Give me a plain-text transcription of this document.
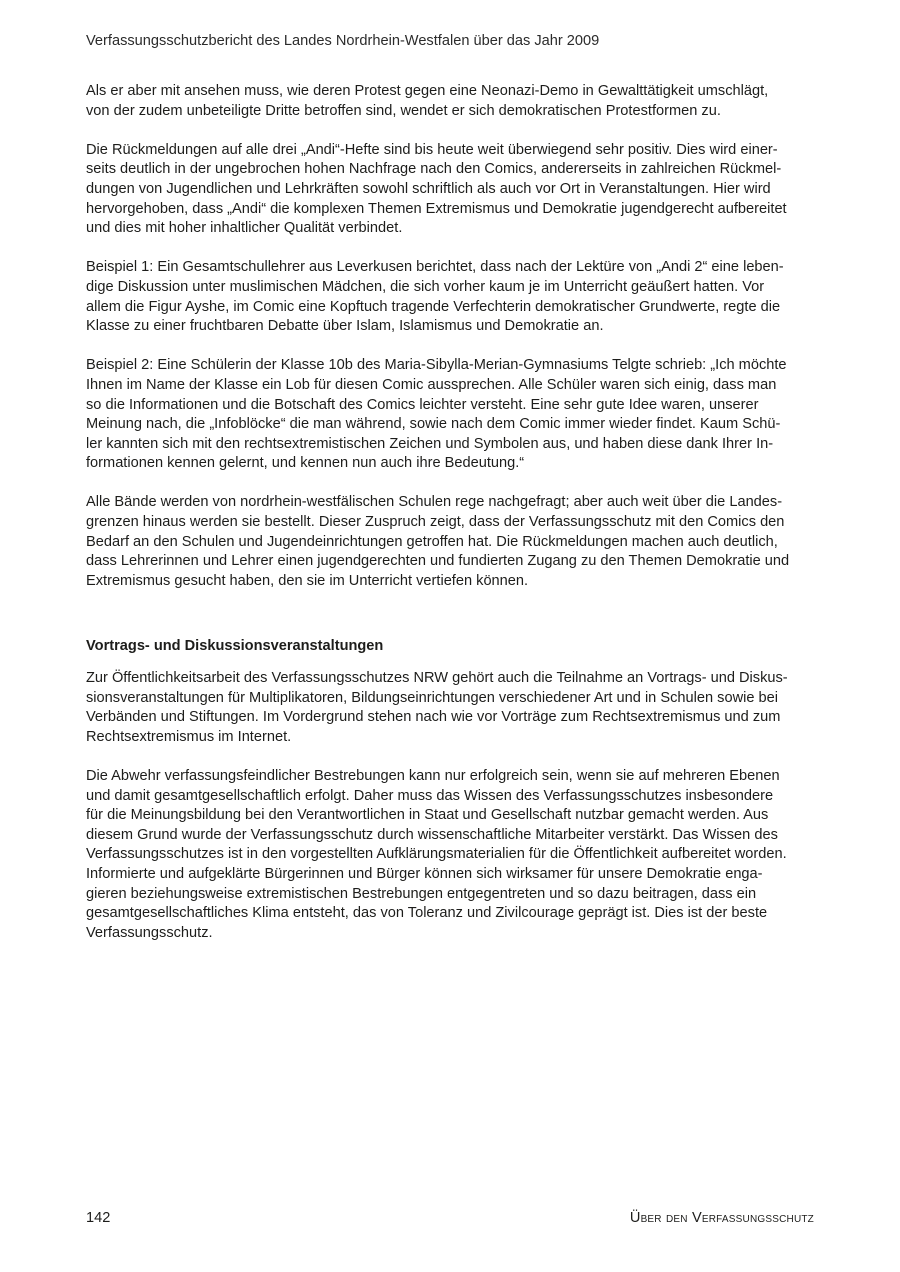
Verfassungsschutzbericht des Landes Nordrhein-Westfalen über das Jahr 2009

Als er aber mit ansehen muss, wie deren Protest gegen eine Neonazi-Demo in Gewalttätigkeit umschlägt,
von der zudem unbeteiligte Dritte betroffen sind, wendet er sich demokratischen Protestformen zu.

Die Rückmeldungen auf alle drei „Andi“-Hefte sind bis heute weit überwiegend sehr positiv. Dies wird einer-
seits deutlich in der ungebrochen hohen Nachfrage nach den Comics, andererseits in zahlreichen Rückmel-
dungen von Jugendlichen und Lehrkräften sowohl schriftlich als auch vor Ort in Veranstaltungen. Hier wird
hervorgehoben, dass „Andi“ die komplexen Themen Extremismus und Demokratie jugendgerecht aufbereitet
und dies mit hoher inhaltlicher Qualität verbindet.

Beispiel 1: Ein Gesamtschullehrer aus Leverkusen berichtet, dass nach der Lektüre von „Andi 2“ eine leben-
dige Diskussion unter muslimischen Mädchen, die sich vorher kaum je im Unterricht geäußert hatten. Vor
allem die Figur Ayshe, im Comic eine Kopftuch tragende Verfechterin demokratischer Grundwerte, regte die
Klasse zu einer fruchtbaren Debatte über Islam, Islamismus und Demokratie an.

Beispiel 2: Eine Schülerin der Klasse 10b des Maria-Sibylla-Merian-Gymnasiums Telgte schrieb: „Ich möchte
Ihnen im Name der Klasse ein Lob für diesen Comic aussprechen. Alle Schüler waren sich einig, dass man
so die Informationen und die Botschaft des Comics leichter versteht. Eine sehr gute Idee waren, unserer
Meinung nach, die „Infoblöcke“ die man während, sowie nach dem Comic immer wieder findet. Kaum Schü-
ler kannten sich mit den rechtsextremistischen Zeichen und Symbolen aus, und haben diese dank Ihrer In-
formationen kennen gelernt, und kennen nun auch ihre Bedeutung.“

Alle Bände werden von nordrhein-westfälischen Schulen rege nachgefragt; aber auch weit über die Landes-
grenzen hinaus werden sie bestellt. Dieser Zuspruch zeigt, dass der Verfassungsschutz mit den Comics den
Bedarf an den Schulen und Jugendeinrichtungen getroffen hat. Die Rückmeldungen machen auch deutlich,
dass Lehrerinnen und Lehrer einen jugendgerechten und fundierten Zugang zu den Themen Demokratie und
Extremismus gesucht haben, den sie im Unterricht vertiefen können.

Vortrags- und Diskussionsveranstaltungen

Zur Öffentlichkeitsarbeit des Verfassungsschutzes NRW gehört auch die Teilnahme an Vortrags- und Diskus-
sionsveranstaltungen für Multiplikatoren, Bildungseinrichtungen verschiedener Art und in Schulen sowie bei
Verbänden und Stiftungen. Im Vordergrund stehen nach wie vor Vorträge zum Rechtsextremismus und zum
Rechtsextremismus im Internet.

Die Abwehr verfassungsfeindlicher Bestrebungen kann nur erfolgreich sein, wenn sie auf mehreren Ebenen
und damit gesamtgesellschaftlich erfolgt. Daher muss das Wissen des Verfassungsschutzes insbesondere
für die Meinungsbildung bei den Verantwortlichen in Staat und Gesellschaft nutzbar gemacht werden. Aus
diesem Grund wurde der Verfassungsschutz durch wissenschaftliche Mitarbeiter verstärkt. Das Wissen des
Verfassungsschutzes ist in den vorgestellten Aufklärungsmaterialien für die Öffentlichkeit aufbereitet worden.
Informierte und aufgeklärte Bürgerinnen und Bürger können sich wirksamer für unsere Demokratie enga-
gieren beziehungsweise extremistischen Bestrebungen entgegentreten und so dazu beitragen, dass ein
gesamtgesellschaftliches Klima entsteht, das von Toleranz und Zivilcourage geprägt ist. Dies ist der beste
Verfassungsschutz.

142	Über den Verfassungsschutz
